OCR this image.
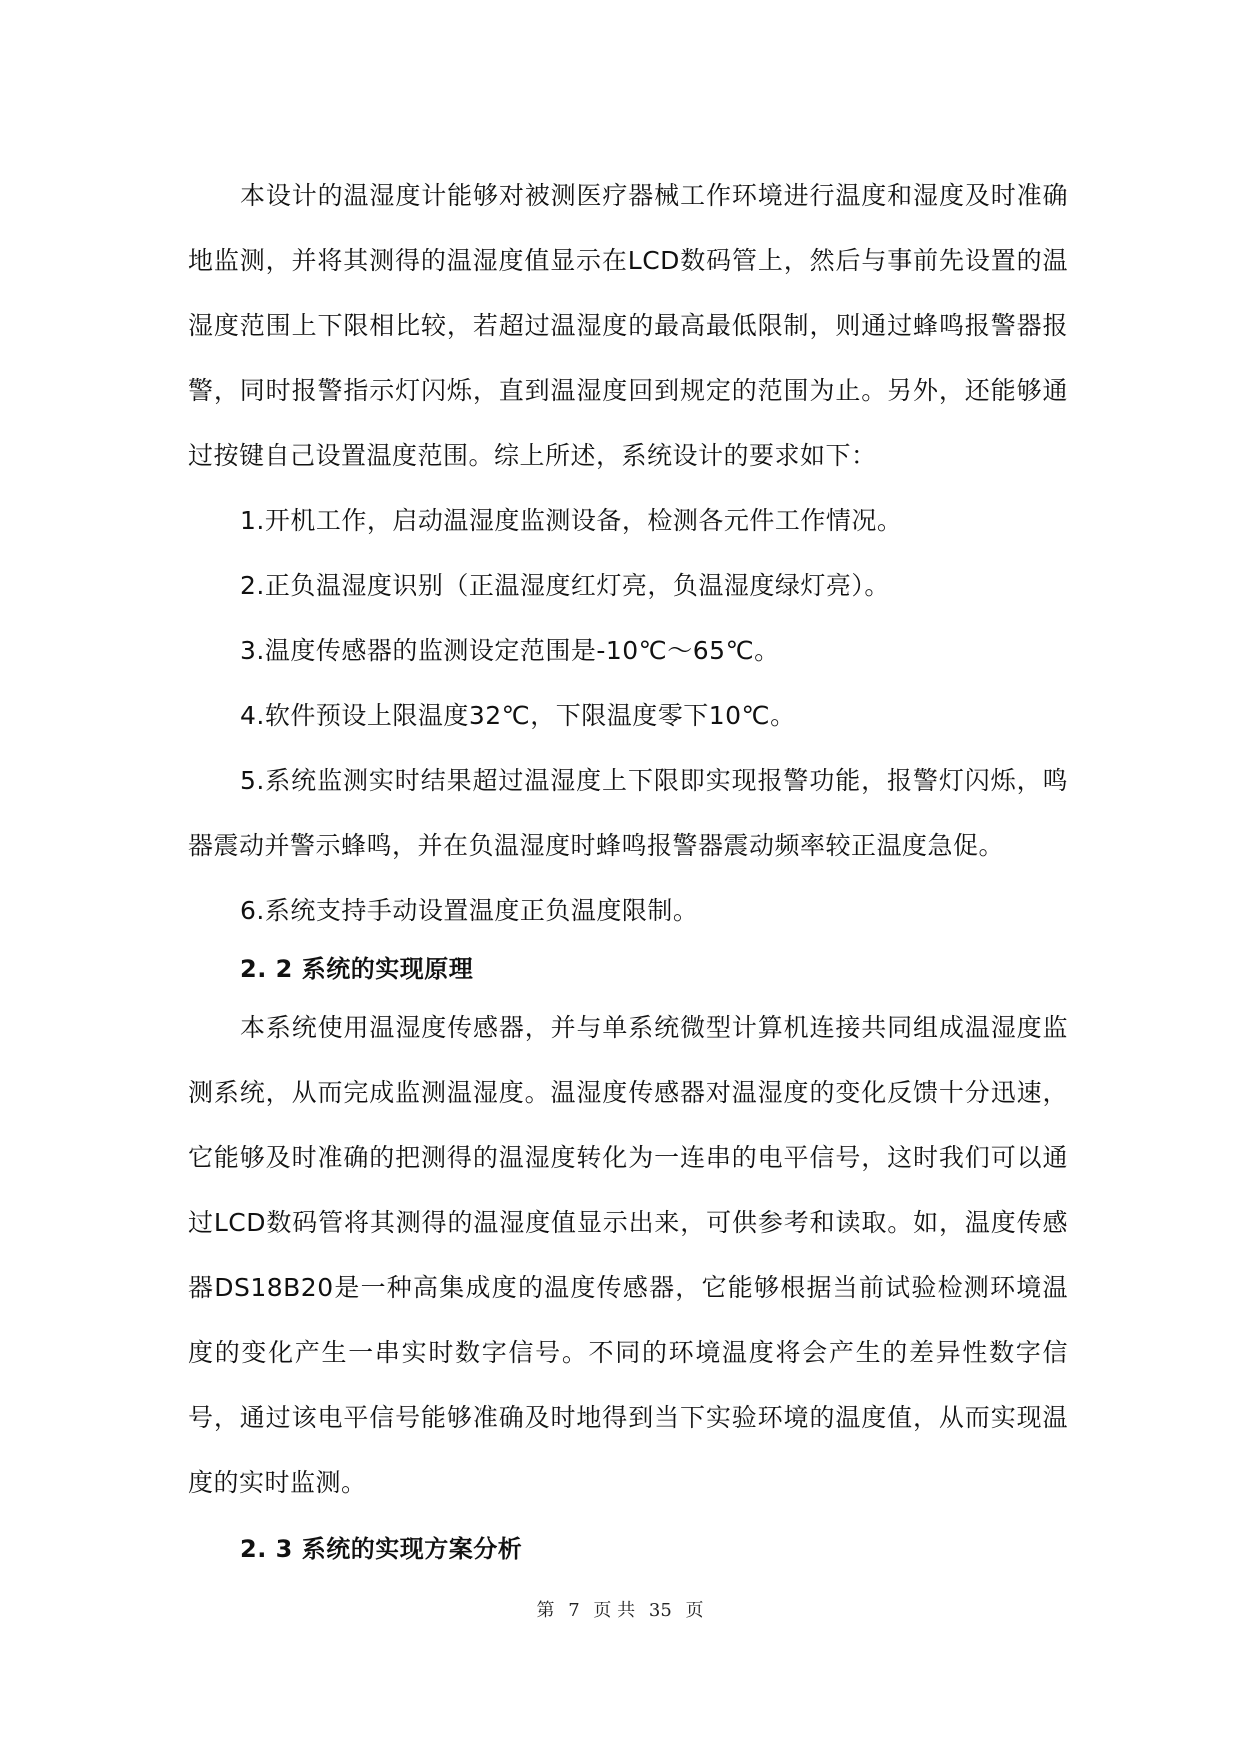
本设计的温湿度计能够对被测医疗器械工作环境进行温度和湿度及时准确地监测，并将其测得的温湿度值显示在LCD数码管上，然后与事前先设置的温湿度范围上下限相比较，若超过温湿度的最高最低限制，则通过蜂鸣报警器报警，同时报警指示灯闪烁，直到温湿度回到规定的范围为止。另外，还能够通过按键自己设置温度范围。综上所述，系统设计的要求如下：

1.开机工作，启动温湿度监测设备，检测各元件工作情况。

2.正负温湿度识别（正温湿度红灯亮，负温湿度绿灯亮）。

3.温度传感器的监测设定范围是-10℃～65℃。

4.软件预设上限温度32℃，下限温度零下10℃。

5.系统监测实时结果超过温湿度上下限即实现报警功能，报警灯闪烁，鸣器震动并警示蜂鸣，并在负温湿度时蜂鸣报警器震动频率较正温度急促。

6.系统支持手动设置温度正负温度限制。

2. 2 系统的实现原理

本系统使用温湿度传感器，并与单系统微型计算机连接共同组成温湿度监测系统，从而完成监测温湿度。温湿度传感器对温湿度的变化反馈十分迅速，它能够及时准确的把测得的温湿度转化为一连串的电平信号，这时我们可以通过LCD数码管将其测得的温湿度值显示出来，可供参考和读取。如，温度传感器DS18B20是一种高集成度的温度传感器，它能够根据当前试验检测环境温度的变化产生一串实时数字信号。不同的环境温度将会产生的差异性数字信号，通过该电平信号能够准确及时地得到当下实验环境的温度值，从而实现温度的实时监测。

2. 3 系统的实现方案分析
第 7 页 共 35 页
